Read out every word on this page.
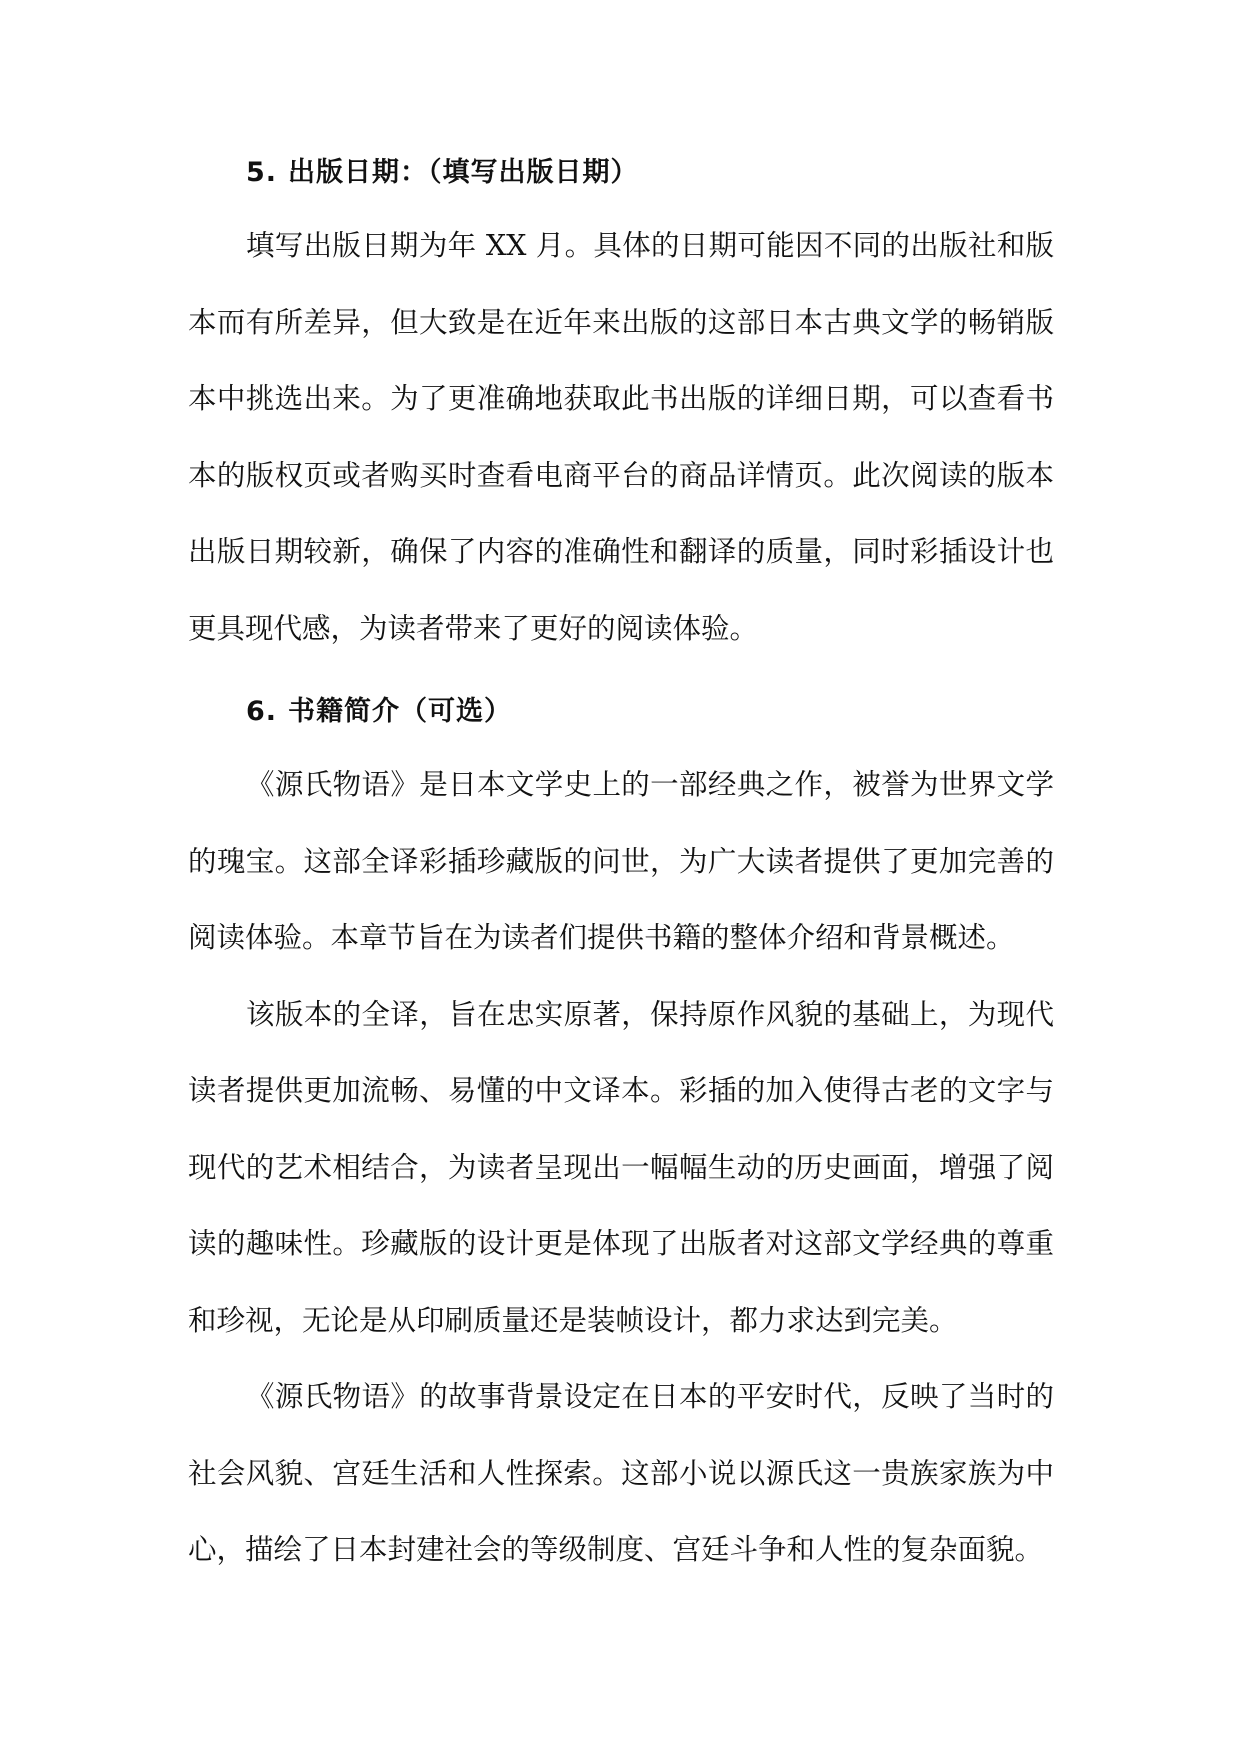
5. 出版日期：（填写出版日期）

填写出版日期为年 XX 月。具体的日期可能因不同的出版社和版本而有所差异，但大致是在近年来出版的这部日本古典文学的畅销版本中挑选出来。为了更准确地获取此书出版的详细日期，可以查看书本的版权页或者购买时查看电商平台的商品详情页。此次阅读的版本出版日期较新，确保了内容的准确性和翻译的质量，同时彩插设计也更具现代感，为读者带来了更好的阅读体验。

6. 书籍简介（可选）

《源氏物语》是日本文学史上的一部经典之作，被誉为世界文学的瑰宝。这部全译彩插珍藏版的问世，为广大读者提供了更加完善的阅读体验。本章节旨在为读者们提供书籍的整体介绍和背景概述。

该版本的全译，旨在忠实原著，保持原作风貌的基础上，为现代读者提供更加流畅、易懂的中文译本。彩插的加入使得古老的文字与现代的艺术相结合，为读者呈现出一幅幅生动的历史画面，增强了阅读的趣味性。珍藏版的设计更是体现了出版者对这部文学经典的尊重和珍视，无论是从印刷质量还是装帧设计，都力求达到完美。

《源氏物语》的故事背景设定在日本的平安时代，反映了当时的社会风貌、宫廷生活和人性探索。这部小说以源氏这一贵族家族为中心，描绘了日本封建社会的等级制度、宫廷斗争和人性的复杂面貌。
